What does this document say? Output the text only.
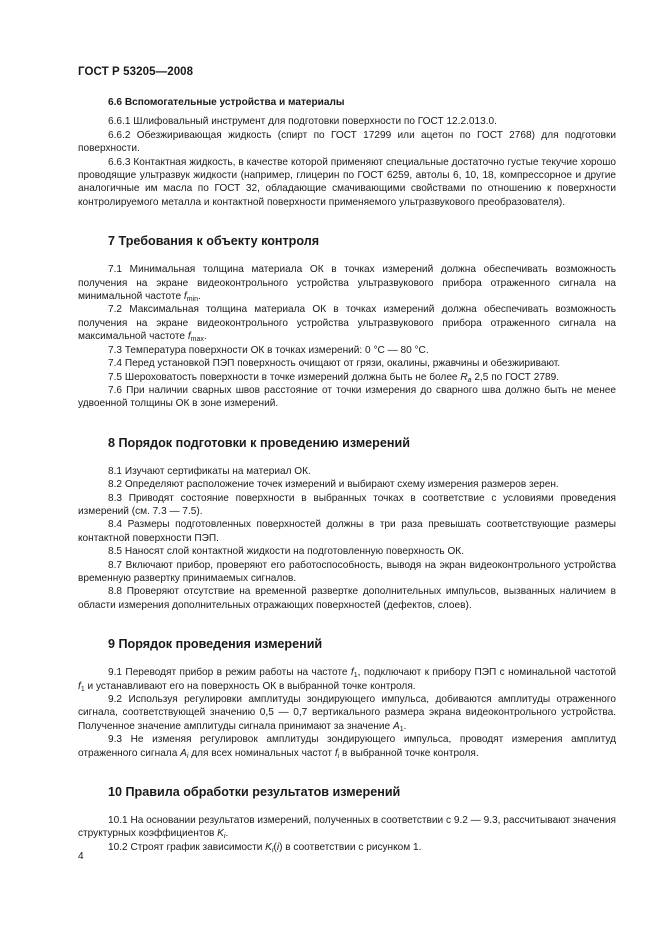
ГОСТ Р 53205—2008

6.6 Вспомогательные устройства и материалы

6.6.1 Шлифовальный инструмент для подготовки поверхности по ГОСТ 12.2.013.0.

6.6.2 Обезжиривающая жидкость (спирт по ГОСТ 17299 или ацетон по ГОСТ 2768) для подготовки поверхности.

6.6.3 Контактная жидкость, в качестве которой применяют специальные достаточно густые текучие хорошо проводящие ультразвук жидкости (например, глицерин по ГОСТ 6259, автолы 6, 10, 18, компрессорное и другие аналогичные им масла по ГОСТ 32, обладающие смачивающими свойствами по отношению к поверхности контролируемого металла и контактной поверхности применяемого ультразвукового преобразователя).

7 Требования к объекту контроля

7.1 Минимальная толщина материала ОК в точках измерений должна обеспечивать возможность получения на экране видеоконтрольного устройства ультразвукового прибора отраженного сигнала на минимальной частоте $f_{min}$.

7.2 Максимальная толщина материала ОК в точках измерений должна обеспечивать возможность получения на экране видеоконтрольного устройства ультразвукового прибора отраженного сигнала на максимальной частоте $f_{max}$.

7.3 Температура поверхности ОК в точках измерений: 0 °С — 80 °С.

7.4 Перед установкой ПЭП поверхность очищают от грязи, окалины, ржавчины и обезжиривают.

7.5 Шероховатость поверхности в точке измерений должна быть не более $R_a$ 2,5 по ГОСТ 2789.

7.6 При наличии сварных швов расстояние от точки измерения до сварного шва должно быть не менее удвоенной толщины ОК в зоне измерений.

8 Порядок подготовки к проведению измерений

8.1 Изучают сертификаты на материал ОК.

8.2 Определяют расположение точек измерений и выбирают схему измерения размеров зерен.

8.3 Приводят состояние поверхности в выбранных точках в соответствие с условиями проведения измерений (см. 7.3 — 7.5).

8.4 Размеры подготовленных поверхностей должны в три раза превышать соответствующие размеры контактной поверхности ПЭП.

8.5 Наносят слой контактной жидкости на подготовленную поверхность ОК.

8.7 Включают прибор, проверяют его работоспособность, выводя на экран видеоконтрольного устройства временную развертку принимаемых сигналов.

8.8 Проверяют отсутствие на временной развертке дополнительных импульсов, вызванных наличием в области измерения дополнительных отражающих поверхностей (дефектов, слоев).

9 Порядок проведения измерений

9.1 Переводят прибор в режим работы на частоте $f_1$, подключают к прибору ПЭП с номинальной частотой $f_1$ и устанавливают его на поверхность ОК в выбранной точке контроля.

9.2 Используя регулировки амплитуды зондирующего импульса, добиваются амплитуды отраженного сигнала, соответствующей значению 0,5 — 0,7 вертикального размера экрана видеоконтрольного устройства. Полученное значение амплитуды сигнала принимают за значение $A_1$.

9.3 Не изменяя регулировок амплитуды зондирующего импульса, проводят измерения амплитуд отраженного сигнала $A_i$ для всех номинальных частот $f_i$ в выбранной точке контроля.

10 Правила обработки результатов измерений

10.1 На основании результатов измерений, полученных в соответствии с 9.2 — 9.3, рассчитывают значения структурных коэффициентов $K_i$.

10.2 Строят график зависимости $K_i(i)$ в соответствии с рисунком 1.

4
